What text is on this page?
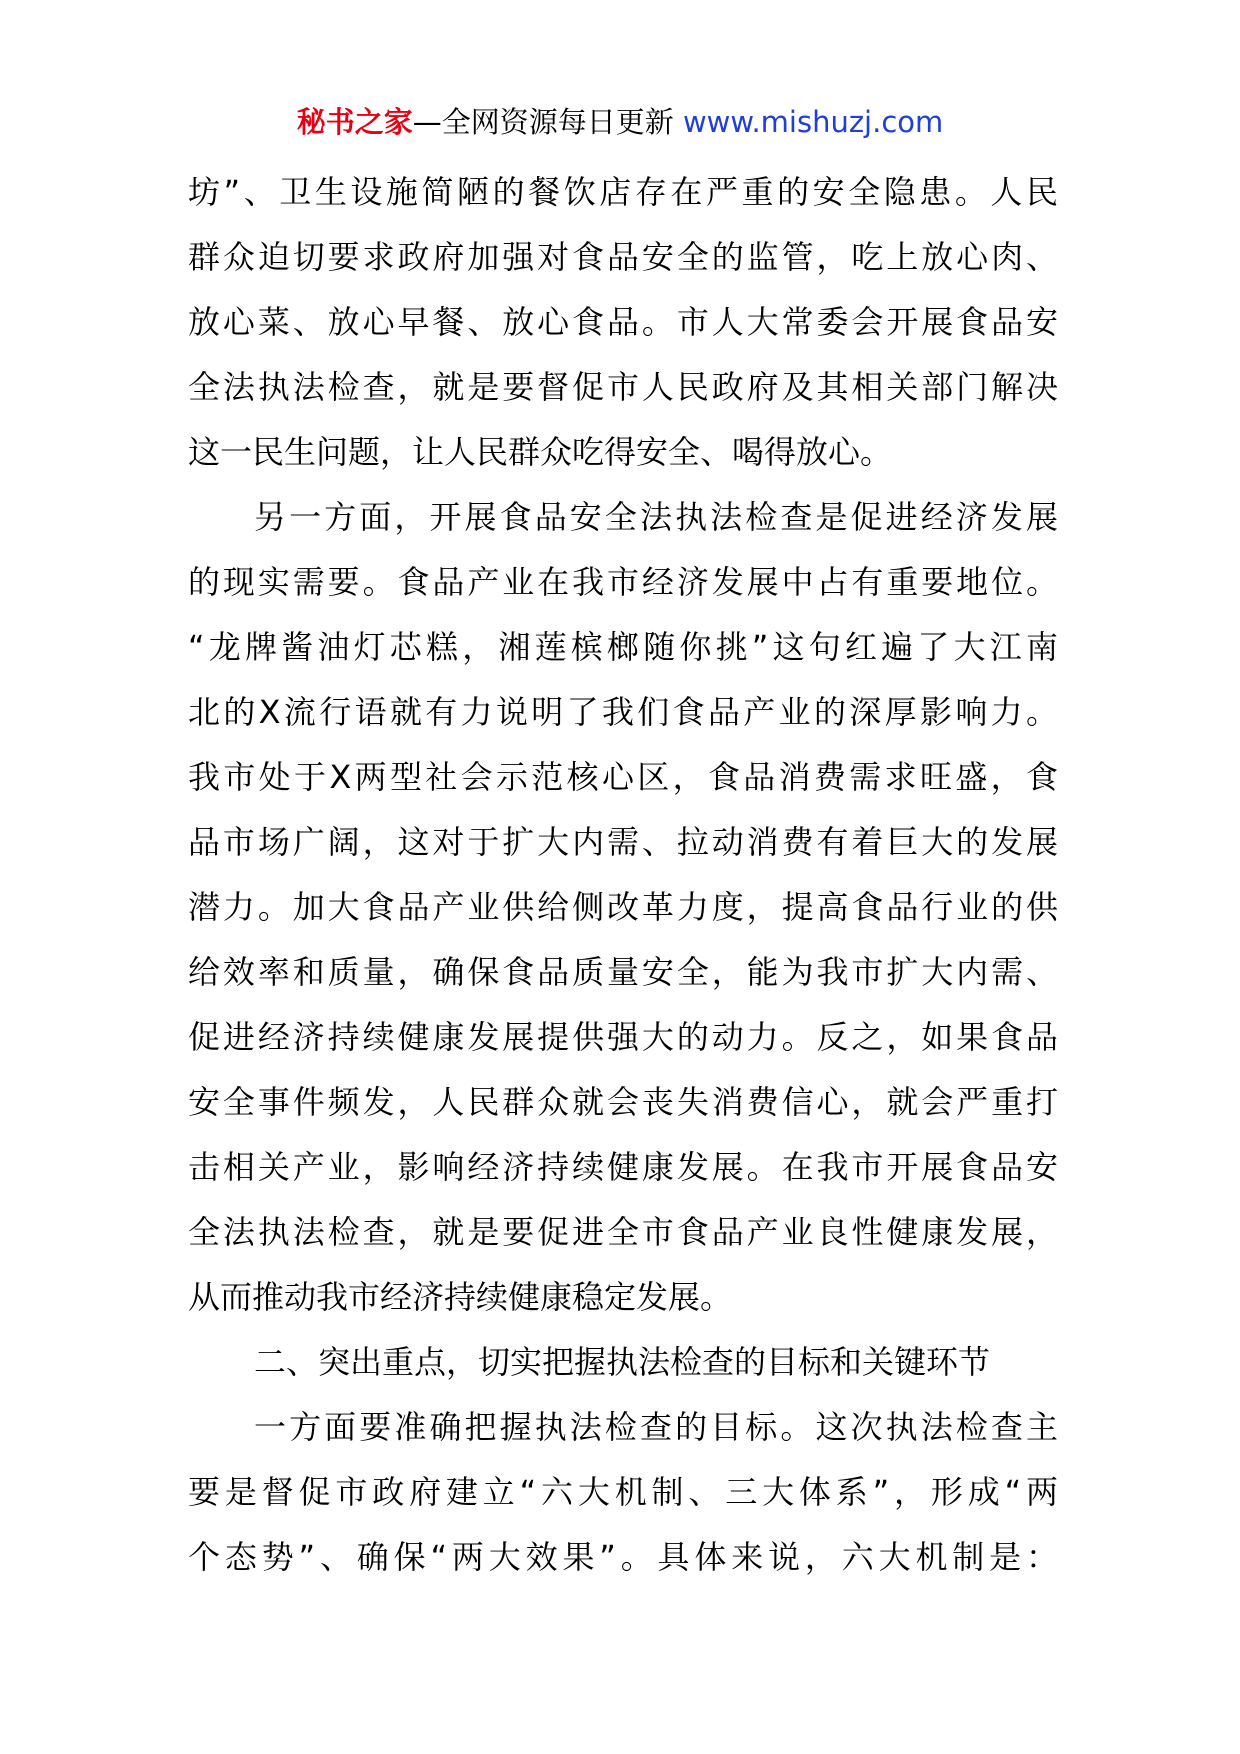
秘书之家—全网资源每日更新 www.mishuzj.com
坊”、卫生设施简陋的餐饮店存在严重的安全隐患。人民
群众迫切要求政府加强对食品安全的监管，吃上放心肉、
放心菜、放心早餐、放心食品。市人大常委会开展食品安
全法执法检查，就是要督促市人民政府及其相关部门解决
这一民生问题，让人民群众吃得安全、喝得放心。
另一方面，开展食品安全法执法检查是促进经济发展
的现实需要。食品产业在我市经济发展中占有重要地位。
“龙牌酱油灯芯糕，湘莲槟榔随你挑”这句红遍了大江南
北的X流行语就有力说明了我们食品产业的深厚影响力。
我市处于X两型社会示范核心区，食品消费需求旺盛，食
品市场广阔，这对于扩大内需、拉动消费有着巨大的发展
潜力。加大食品产业供给侧改革力度，提高食品行业的供
给效率和质量，确保食品质量安全，能为我市扩大内需、
促进经济持续健康发展提供强大的动力。反之，如果食品
安全事件频发，人民群众就会丧失消费信心，就会严重打
击相关产业，影响经济持续健康发展。在我市开展食品安
全法执法检查，就是要促进全市食品产业良性健康发展，
从而推动我市经济持续健康稳定发展。
二、突出重点，切实把握执法检查的目标和关键环节
一方面要准确把握执法检查的目标。这次执法检查主
要是督促市政府建立“六大机制、三大体系”，形成“两
个态势”、确保“两大效果”。具体来说，六大机制是：
